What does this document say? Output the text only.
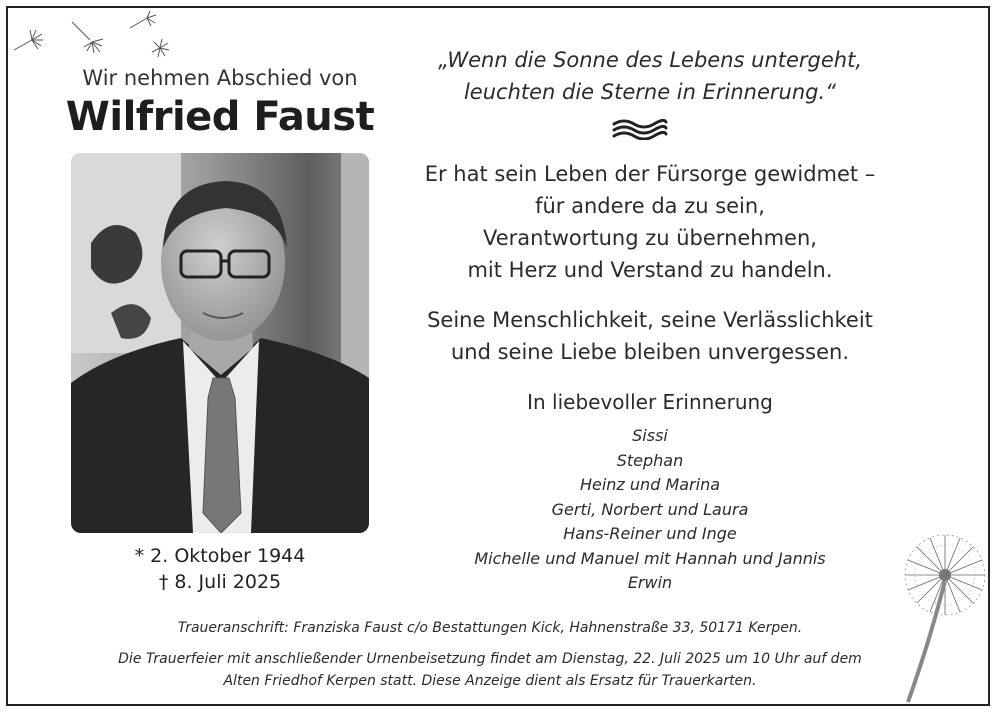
Wir nehmen Abschied von
Wilfried Faust
* 2. Oktober 1944
† 8. Juli 2025
„Wenn die Sonne des Lebens untergeht,
leuchten die Sterne in Erinnerung.“
Er hat sein Leben der Fürsorge gewidmet –
für andere da zu sein,
Verantwortung zu übernehmen,
mit Herz und Verstand zu handeln.
Seine Menschlichkeit, seine Verlässlichkeit
und seine Liebe bleiben unvergessen.
In liebevoller Erinnerung
Sissi
Stephan
Heinz und Marina
Gerti, Norbert und Laura
Hans-Reiner und Inge
Michelle und Manuel mit Hannah und Jannis
Erwin
Traueranschrift: Franziska Faust c/o Bestattungen Kick, Hahnenstraße 33, 50171 Kerpen.
Die Trauerfeier mit anschließender Urnenbeisetzung findet am Dienstag, 22. Juli 2025 um 10 Uhr auf dem
Alten Friedhof Kerpen statt. Diese Anzeige dient als Ersatz für Trauerkarten.
